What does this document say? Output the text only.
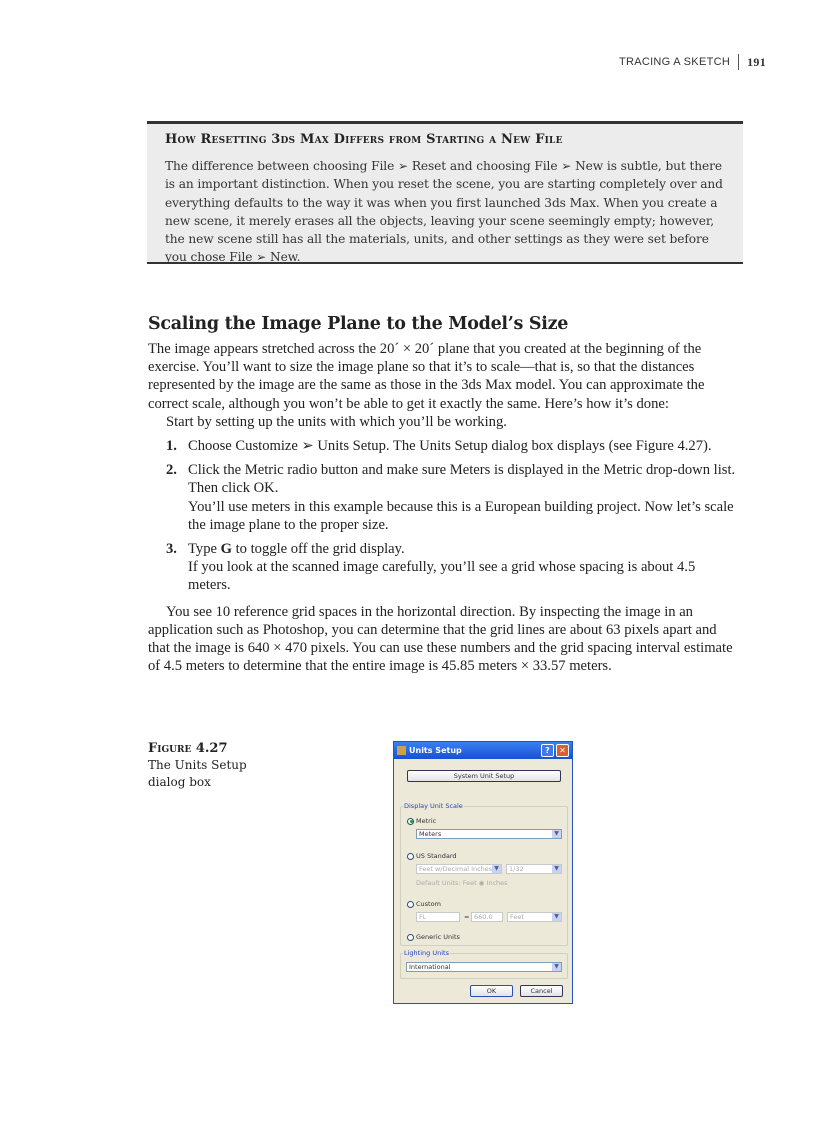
TRACING A SKETCH 191
How Resetting 3ds Max Differs from Starting a New File

The difference between choosing File ➢ Reset and choosing File ➢ New is subtle, but there is an important distinction. When you reset the scene, you are starting completely over and everything defaults to the way it was when you first launched 3ds Max. When you create a new scene, it merely erases all the objects, leaving your scene seemingly empty; however, the new scene still has all the materials, units, and other settings as they were set before you chose File ➢ New.

Scaling the Image Plane to the Model’s Size

The image appears stretched across the 20´ × 20´ plane that you created at the beginning of the exercise. You’ll want to size the image plane so that it’s to scale—that is, so that the distances represented by the image are the same as those in the 3ds Max model. You can approximate the correct scale, although you won’t be able to get it exactly the same. Here’s how it’s done:

Start by setting up the units with which you’ll be working.

1. Choose Customize ➢ Units Setup. The Units Setup dialog box displays (see Figure 4.27).
2. Click the Metric radio button and make sure Meters is displayed in the Metric drop-down list. Then click OK.

You’ll use meters in this example because this is a European building project. Now let’s scale the image plane to the proper size.

3. Type G to toggle off the grid display.

If you look at the scanned image carefully, you’ll see a grid whose spacing is about 4.5 meters.

You see 10 reference grid spaces in the horizontal direction. By inspecting the image in an application such as Photoshop, you can determine that the grid lines are about 63 pixels apart and that the image is 640 × 470 pixels. You can use these numbers and the grid spacing interval estimate of 4.5 meters to determine that the entire image is 45.85 meters × 33.57 meters.

Figure 4.27
The Units Setup dialog box
Units Setup	?	✕
System Unit Setup
Display Unit Scale
Metric
Meters	▼
US Standard
Feet w/Decimal Inches ▼	1/32	▼
Default Units: Feet ◉ Inches
Custom
FL	= 660.0	Feet	▼
Generic Units
Lighting Units
International	▼
OK	Cancel
